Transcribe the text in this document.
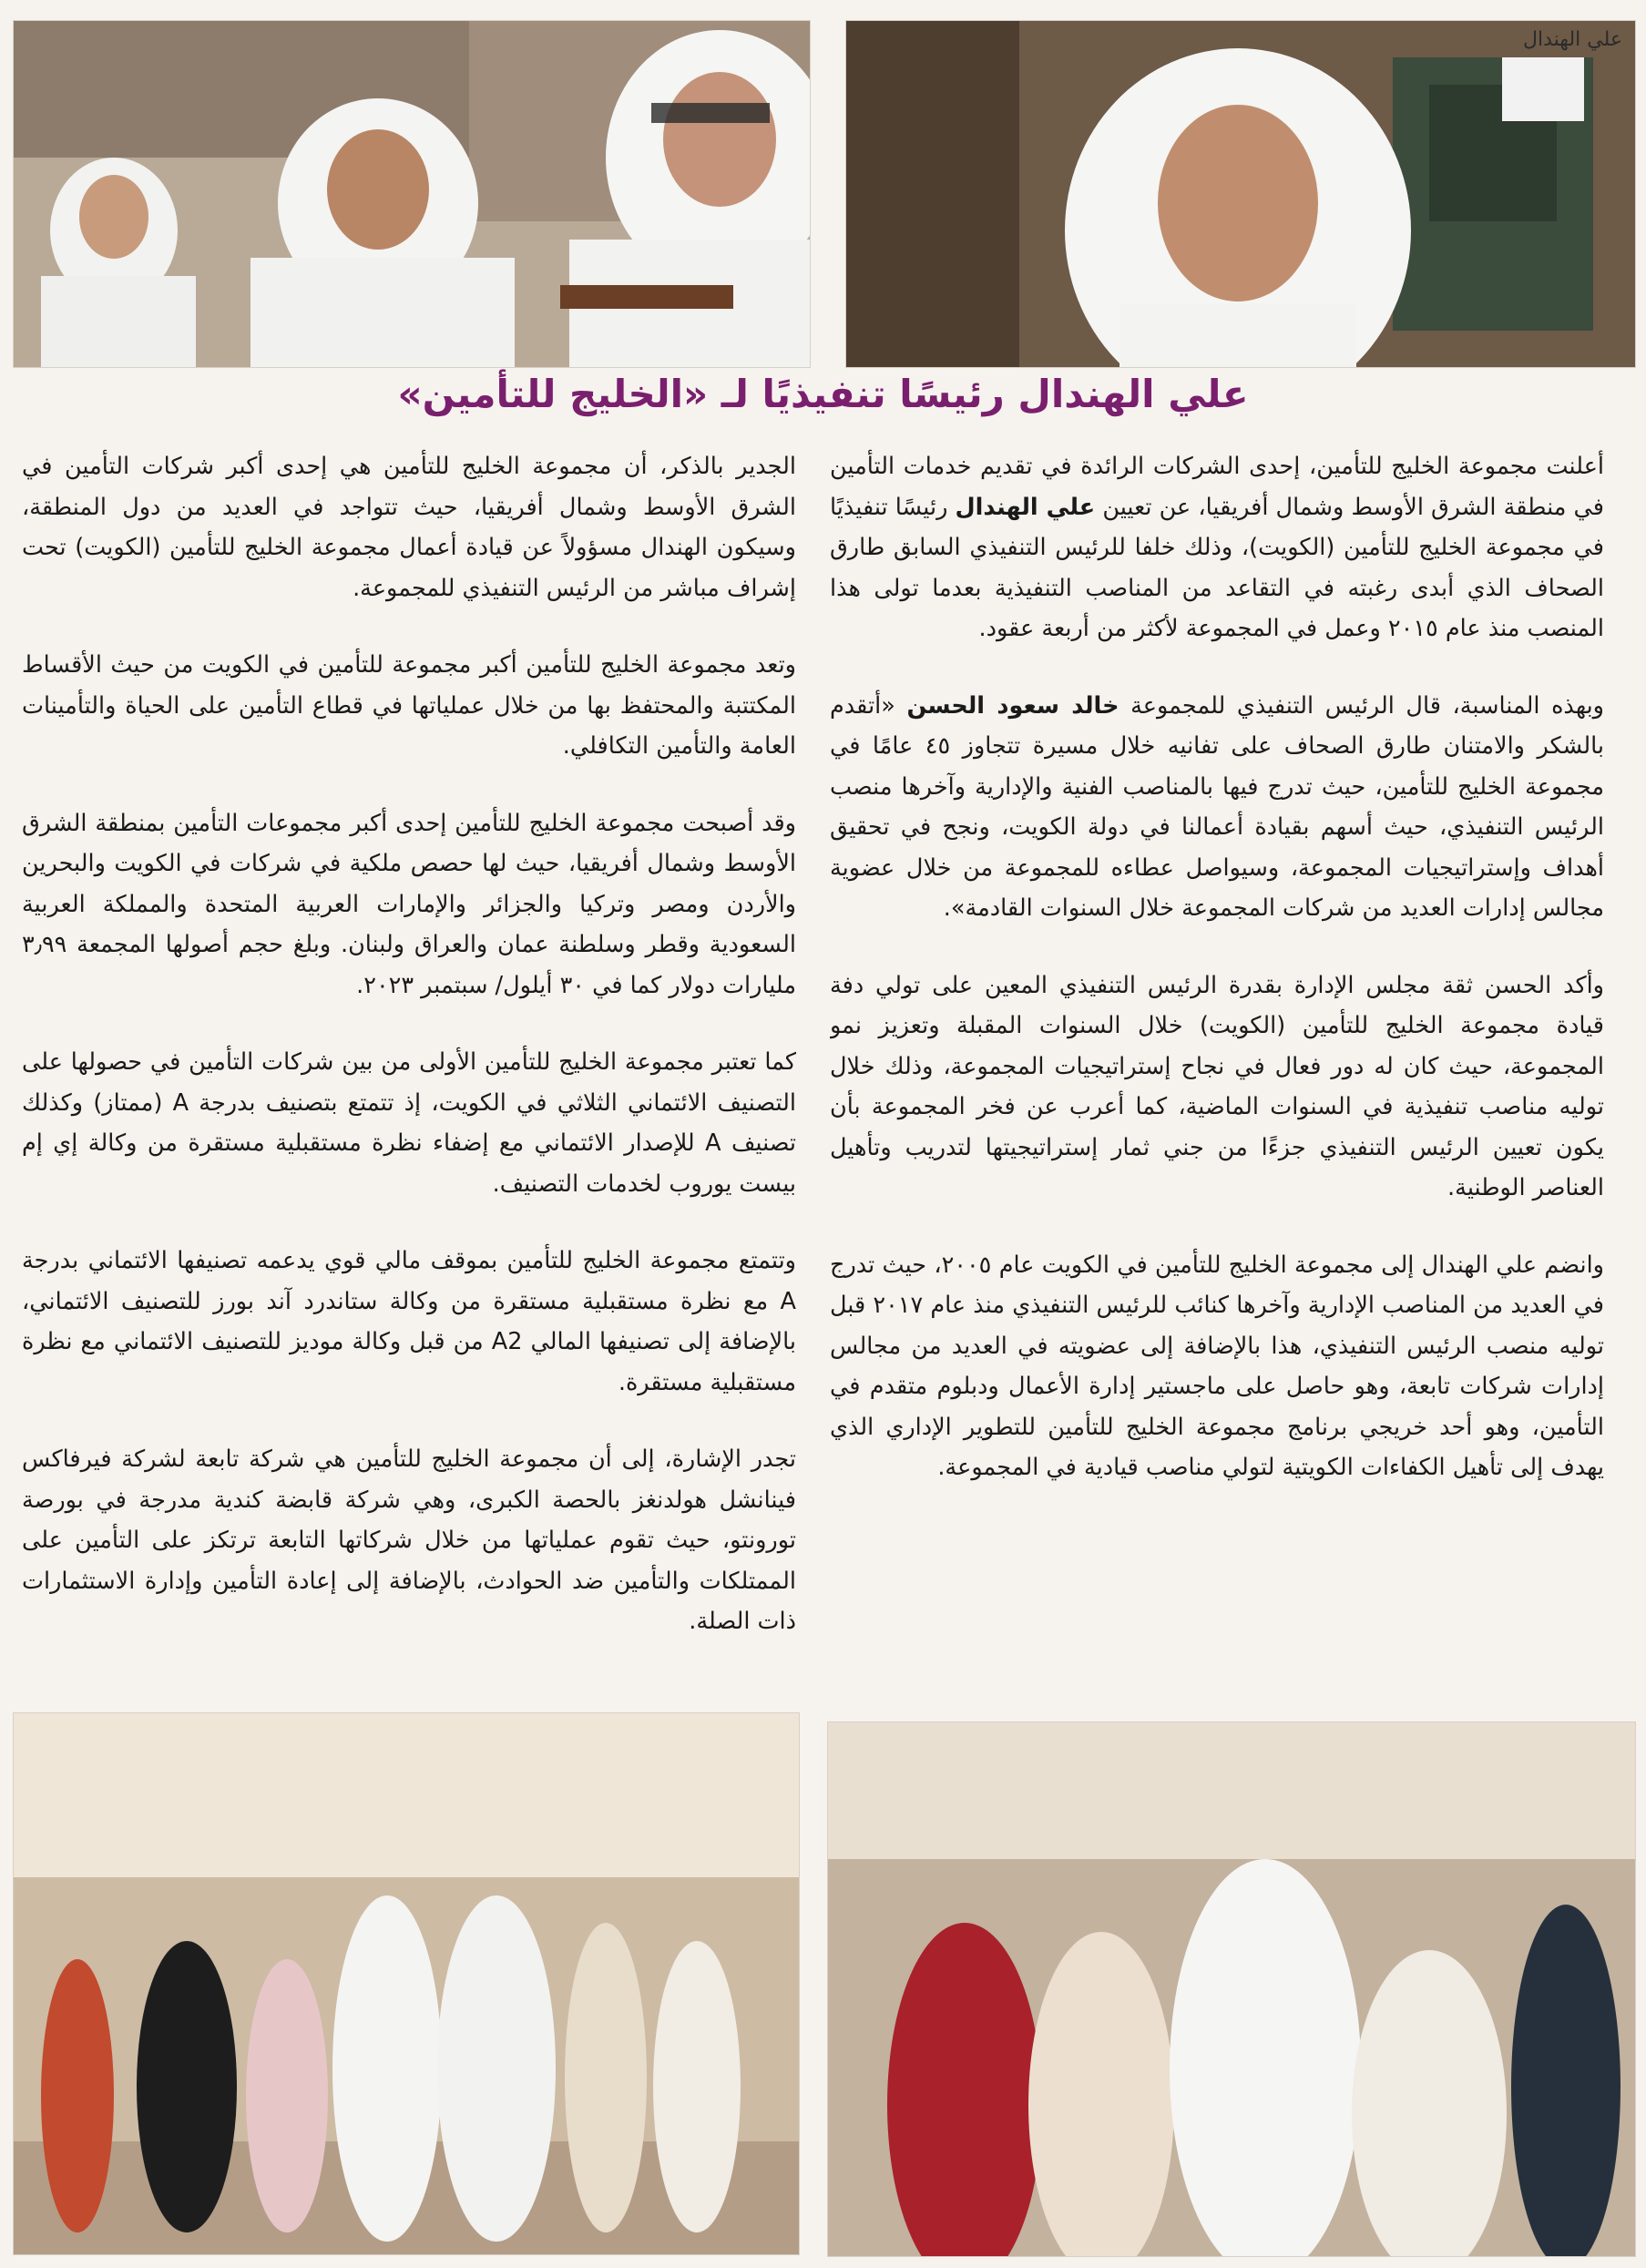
علي الهندال
علي الهندال رئيسًا تنفيذيًا لـ «الخليج للتأمين»

أعلنت مجموعة الخليج للتأمين، إحدى الشركات الرائدة في تقديم خدمات التأمين في منطقة الشرق الأوسط وشمال أفريقيا، عن تعيين علي الهندال رئيسًا تنفيذيًا في مجموعة الخليج للتأمين (الكويت)، وذلك خلفا للرئيس التنفيذي السابق طارق الصحاف الذي أبدى رغبته في التقاعد من المناصب التنفيذية بعدما تولى هذا المنصب منذ عام ٢٠١٥ وعمل في المجموعة لأكثر من أربعة عقود.

وبهذه المناسبة، قال الرئيس التنفيذي للمجموعة خالد سعود الحسن «أتقدم بالشكر والامتنان طارق الصحاف على تفانيه خلال مسيرة تتجاوز ٤٥ عامًا في مجموعة الخليج للتأمين، حيث تدرج فيها بالمناصب الفنية والإدارية وآخرها منصب الرئيس التنفيذي، حيث أسهم بقيادة أعمالنا في دولة الكويت، ونجح في تحقيق أهداف وإستراتيجيات المجموعة، وسيواصل عطاءه للمجموعة من خلال عضوية مجالس إدارات العديد من شركات المجموعة خلال السنوات القادمة».

وأكد الحسن ثقة مجلس الإدارة بقدرة الرئيس التنفيذي المعين على تولي دفة قيادة مجموعة الخليج للتأمين (الكويت) خلال السنوات المقبلة وتعزيز نمو المجموعة، حيث كان له دور فعال في نجاح إستراتيجيات المجموعة، وذلك خلال توليه مناصب تنفيذية في السنوات الماضية، كما أعرب عن فخر المجموعة بأن يكون تعيين الرئيس التنفيذي جزءًا من جني ثمار إستراتيجيتها لتدريب وتأهيل العناصر الوطنية.

وانضم علي الهندال إلى مجموعة الخليج للتأمين في الكويت عام ٢٠٠٥، حيث تدرج في العديد من المناصب الإدارية وآخرها كنائب للرئيس التنفيذي منذ عام ٢٠١٧ قبل توليه منصب الرئيس التنفيذي، هذا بالإضافة إلى عضويته في العديد من مجالس إدارات شركات تابعة، وهو حاصل على ماجستير إدارة الأعمال ودبلوم متقدم في التأمين، وهو أحد خريجي برنامج مجموعة الخليج للتأمين للتطوير الإداري الذي يهدف إلى تأهيل الكفاءات الكويتية لتولي مناصب قيادية في المجموعة.

الجدير بالذكر، أن مجموعة الخليج للتأمين هي إحدى أكبر شركات التأمين في الشرق الأوسط وشمال أفريقيا، حيث تتواجد في العديد من دول المنطقة، وسيكون الهندال مسؤولاً عن قيادة أعمال مجموعة الخليج للتأمين (الكويت) تحت إشراف مباشر من الرئيس التنفيذي للمجموعة.

وتعد مجموعة الخليج للتأمين أكبر مجموعة للتأمين في الكويت من حيث الأقساط المكتتبة والمحتفظ بها من خلال عملياتها في قطاع التأمين على الحياة والتأمينات العامة والتأمين التكافلي.

وقد أصبحت مجموعة الخليج للتأمين إحدى أكبر مجموعات التأمين بمنطقة الشرق الأوسط وشمال أفريقيا، حيث لها حصص ملكية في شركات في الكويت والبحرين والأردن ومصر وتركيا والجزائر والإمارات العربية المتحدة والمملكة العربية السعودية وقطر وسلطنة عمان والعراق ولبنان. وبلغ حجم أصولها المجمعة ٣٫٩٩ مليارات دولار كما في ٣٠ أيلول/ سبتمبر ٢٠٢٣.

كما تعتبر مجموعة الخليج للتأمين الأولى من بين شركات التأمين في حصولها على التصنيف الائتماني الثلاثي في الكويت، إذ تتمتع بتصنيف بدرجة A (ممتاز) وكذلك تصنيف A للإصدار الائتماني مع إضفاء نظرة مستقبلية مستقرة من وكالة إي إم بيست يوروب لخدمات التصنيف.

وتتمتع مجموعة الخليج للتأمين بموقف مالي قوي يدعمه تصنيفها الائتماني بدرجة A مع نظرة مستقبلية مستقرة من وكالة ستاندرد آند بورز للتصنيف الائتماني، بالإضافة إلى تصنيفها المالي A2 من قبل وكالة موديز للتصنيف الائتماني مع نظرة مستقبلية مستقرة.

تجدر الإشارة، إلى أن مجموعة الخليج للتأمين هي شركة تابعة لشركة فيرفاكس فينانشل هولدنغز بالحصة الكبرى، وهي شركة قابضة كندية مدرجة في بورصة تورونتو، حيث تقوم عملياتها من خلال شركاتها التابعة ترتكز على التأمين على الممتلكات والتأمين ضد الحوادث، بالإضافة إلى إعادة التأمين وإدارة الاستثمارات ذات الصلة.
